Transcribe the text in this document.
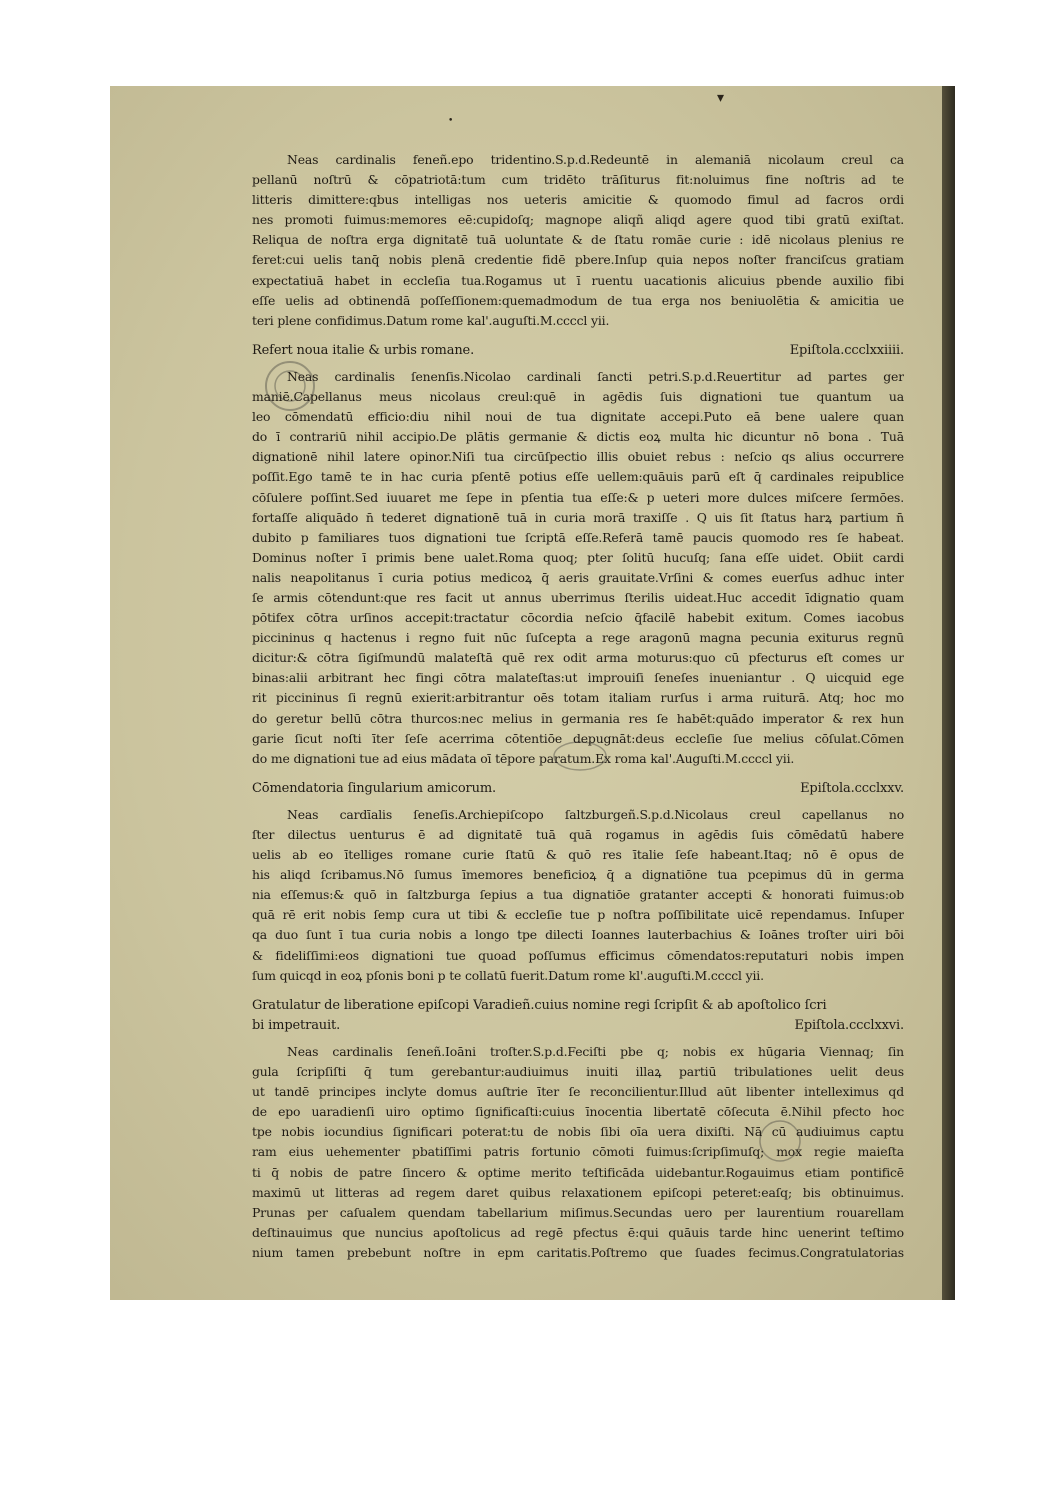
▾
•
Neas cardinalis feneñ.epo tridentino.S.p.d.Redeuntē in alemaniā nicolaum creul ca
pellanū noſtrū & cōpatriotā:tum cum tridēto trāſiturus fit:noluimus fine noſtris ad te
litteris dimittere:qbus intelligas nos ueteris amicitie & quomodo fimul ad facros ordi
nes promoti fuimus:memores eē:cupidoſq; magnope aliqñ aliqd agere quod tibi gratū exiſtat.
Reliqua de noſtra erga dignitatē tuā uoluntate & de ſtatu romāe curie : idē nicolaus plenius re
feret:cui uelis tanq̄ nobis plenā credentie fidē pbere.Inſup quia nepos noſter franciſcus gratiam
expectatiuā habet in eccleſia tua.Rogamus ut ī ruentu uacationis alicuius pbende auxilio fibi
eſſe uelis ad obtinendā poſſeſſionem:quemadmodum de tua erga nos beniuolētia & amicitia ue
teri plene confidimus.Datum rome kal'.auguſti.M.ccccl yii.
Refert noua italie & urbis romane.	Epiſtola.ccclxxiiii.
Neas cardinalis ſenenſis.Nicolao cardinali ſancti petri.S.p.d.Reuertitur ad partes ger
maniē.Capellanus meus nicolaus creul:quē in agēdis ſuis dignationi tue quantum ua
leo cōmendatū efficio:diu nihil noui de tua dignitate accepi.Puto eā bene ualere quan
do ī contrariū nihil accipio.De plātis germanie & dictis eoꝝ multa hic dicuntur nō bona . Tuā
dignationē nihil latere opinor.Niſi tua circūſpectio illis obuiet rebus : neſcio qs alius occurrere
poſſit.Ego tamē te in hac curia pſentē potius eſſe uellem:quāuis parū eſt q̄ cardinales reipublice
cōſulere poſſint.Sed iuuaret me ſepe in pſentia tua eſſe:& p ueteri more dulces miſcere ſermōes.
fortaſſe aliquādo n̄ tederet dignationē tuā in curia morā traxiſſe . Q uis ſit ſtatus harꝝ partium n̄
dubito p familiares tuos dignationi tue ſcriptā eſſe.Referā tamē paucis quomodo res ſe habeat.
Dominus noſter ī primis bene ualet.Roma quoq; pter ſolitū hucuſq; ſana eſſe uidet. Obiit cardi
nalis neapolitanus ī curia potius medicoꝝ q̄ aeris grauitate.Vrſini & comes euerſus adhuc inter
ſe armis cōtendunt:que res facit ut annus uberrimus ſterilis uideat.Huc accedit īdignatio quam
pōtifex cōtra urſinos accepit:tractatur cōcordia neſcio q̄facilē habebit exitum. Comes iacobus
piccininus q hactenus i regno fuit nūc ſuſcepta a rege aragonū magna pecunia exiturus regnū
dicitur:& cōtra ſigiſmundū malateſtā quē rex odit arma moturus:quo cū pfecturus eſt comes ur
binas:alii arbitrant hec fingi cōtra malateſtas:ut improuiſi ſeneſes inueniantur . Q uicquid ege
rit piccininus ſi regnū exierit:arbitrantur oēs totam italiam rurſus i arma ruiturā. Atq; hoc mo
do geretur bellū cōtra thurcos:nec melius in germania res ſe habēt:quādo imperator & rex hun
garie ſicut noſti īter ſeſe acerrima cōtentiōe depugnāt:deus eccleſie ſue melius cōſulat.Cōmen
do me dignationi tue ad eius mādata oī tēpore paratum.Ex roma kal'.Auguſti.M.ccccl yii.
Cōmendatoria ſingularium amicorum.	Epiſtola.ccclxxv.
Neas cardīalis ſeneſis.Archiepiſcopo ſaltzburgeñ.S.p.d.Nicolaus creul capellanus no
ſter dilectus uenturus ē ad dignitatē tuā quā rogamus in agēdis ſuis cōmēdatū habere
uelis ab eo ītelliges romane curie ſtatū & quō res ītalie ſeſe habeant.Itaq; nō ē opus de
his aliqd ſcribamus.Nō ſumus īmemores beneficioꝝ q̄ a dignatiōne tua pcepimus dū in germa
nia eſſemus:& quō in ſaltzburga ſepius a tua dignatiōe gratanter accepti & honorati fuimus:ob
quā rē erit nobis ſemp cura ut tibi & eccleſie tue p noſtra poſſibilitate uicē rependamus. Inſuper
qa duo ſunt ī tua curia nobis a longo tpe dilecti Ioannes lauterbachius & Ioānes troſter uiri bōi
& fideliſſimi:eos dignationi tue quoad poſſumus efficimus cōmendatos:reputaturi nobis impen
ſum quicqd in eoꝝ pſonis boni p te collatū fuerit.Datum rome kl'.auguſti.M.ccccl yii.
Gratulatur de liberatione epiſcopi Varadieñ.cuius nomine regi ſcripſit & ab apoſtolico ſcri
bi impetrauit.	Epiſtola.ccclxxvi.
Neas cardinalis ſeneñ.Ioāni troſter.S.p.d.Feciſti pbe q; nobis ex hūgaria Viennaq; ſin
gula ſcripſiſti q̄ tum gerebantur:audiuimus inuiti illaꝝ partiū tribulationes uelit deus
ut tandē principes inclyte domus auſtrie īter ſe reconcilientur.Illud aūt libenter intelleximus qd
de epo uaradienſi uiro optimo ſignificaſti:cuius īnocentia libertatē cōſecuta ē.Nihil pfecto hoc
tpe nobis iocundius ſignificari poterat:tu de nobis ſibi oīa uera dixiſti. Nā cū audiuimus captu
ram eius uehementer pbatiſſimi patris fortunio cōmoti fuimus:ſcripſimuſq; mox regie maieſta
ti q̄ nobis de patre ſincero & optime merito teſtificāda uidebantur.Rogauimus etiam pontificē
maximū ut litteras ad regem daret quibus relaxationem epiſcopi peteret:eaſq; bis obtinuimus.
Prunas per caſualem quendam tabellarium miſimus.Secundas uero per laurentium rouarellam
deſtinauimus que nuncius apoſtolicus ad regē pfectus ē:qui quāuis tarde hinc uenerint teſtimo
nium tamen prebebunt noſtre in epm caritatis.Poſtremo que ſuades fecimus.Congratulatorias
